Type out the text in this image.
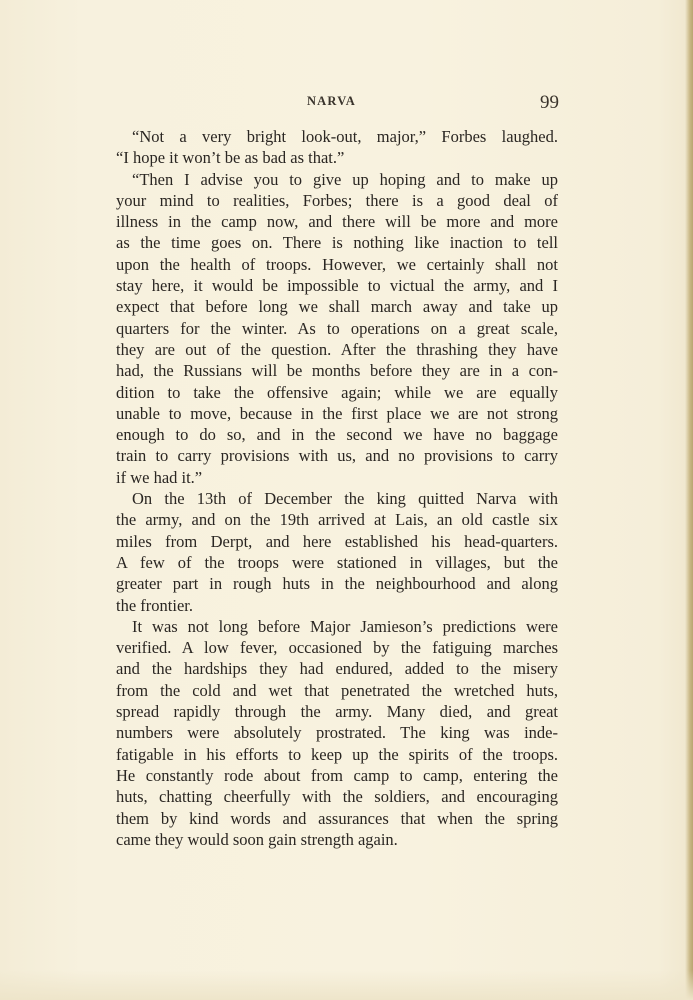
NARVA	99

“Not a very bright look-out, major,” Forbes laughed.
“I hope it won’t be as bad as that.”

“Then I advise you to give up hoping and to make up
your mind to realities, Forbes; there is a good deal of
illness in the camp now, and there will be more and more
as the time goes on. There is nothing like inaction to tell
upon the health of troops. However, we certainly shall not
stay here, it would be impossible to victual the army, and I
expect that before long we shall march away and take up
quarters for the winter. As to operations on a great scale,
they are out of the question. After the thrashing they have
had, the Russians will be months before they are in a con-
dition to take the offensive again; while we are equally
unable to move, because in the first place we are not strong
enough to do so, and in the second we have no baggage
train to carry provisions with us, and no provisions to carry
if we had it.”

On the 13th of December the king quitted Narva with
the army, and on the 19th arrived at Lais, an old castle six
miles from Derpt, and here established his head-quarters.
A few of the troops were stationed in villages, but the
greater part in rough huts in the neighbourhood and along
the frontier.

It was not long before Major Jamieson’s predictions were
verified. A low fever, occasioned by the fatiguing marches
and the hardships they had endured, added to the misery
from the cold and wet that penetrated the wretched huts,
spread rapidly through the army. Many died, and great
numbers were absolutely prostrated. The king was inde-
fatigable in his efforts to keep up the spirits of the troops.
He constantly rode about from camp to camp, entering the
huts, chatting cheerfully with the soldiers, and encouraging
them by kind words and assurances that when the spring
came they would soon gain strength again.
